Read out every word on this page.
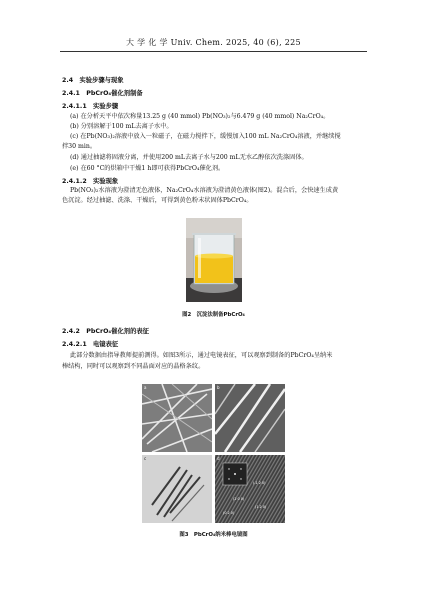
大 学 化 学 Univ. Chem. 2025, 40 (6), 225
2.4　实验步骤与现象
2.4.1　PbCrO₄催化剂制备
2.4.1.1　实验步骤
(a) 在分析天平中依次称量13.25 g (40 mmol) Pb(NO₃)₂与6.479 g (40 mmol) Na₂CrO₄。
(b) 分别溶解于100 mL去离子水中。
(c) 在Pb(NO₃)₂溶液中放入一粒磁子，在磁力搅拌下，缓慢加入100 mL Na₂CrO₄溶液，并继续搅
拌30 min。
(d) 通过抽滤将固液分离，并使用200 mL去离子水与200 mL无水乙醇依次洗涤固体。
(e) 在60 °C的烘箱中干燥1 h即可获得PbCrO₄催化剂。
2.4.1.2　实验现象
Pb(NO₃)₂水溶液为澄清无色液体，Na₂CrO₄水溶液为澄清黄色液体(图2)。混合后，会快速生成黄
色沉淀。经过抽滤、洗涤、干燥后，可得到黄色粉末状固体PbCrO₄。
图2　沉淀法制备PbCrO₄
2.4.2　PbCrO₄催化剂的表征
2.4.2.1　电镜表征
此部分数据由指导教师提前测得。如图3所示，通过电镜表征，可以观察到制备的PbCrO₄呈纳米
棒结构，同时可以观察到不同晶面对应的晶格条纹。
a	b
c	d
(-1 2 0)
(2 0 0)
(1 2 0)
(0 2 0)
图3　PbCrO₄纳米棒电镜图
